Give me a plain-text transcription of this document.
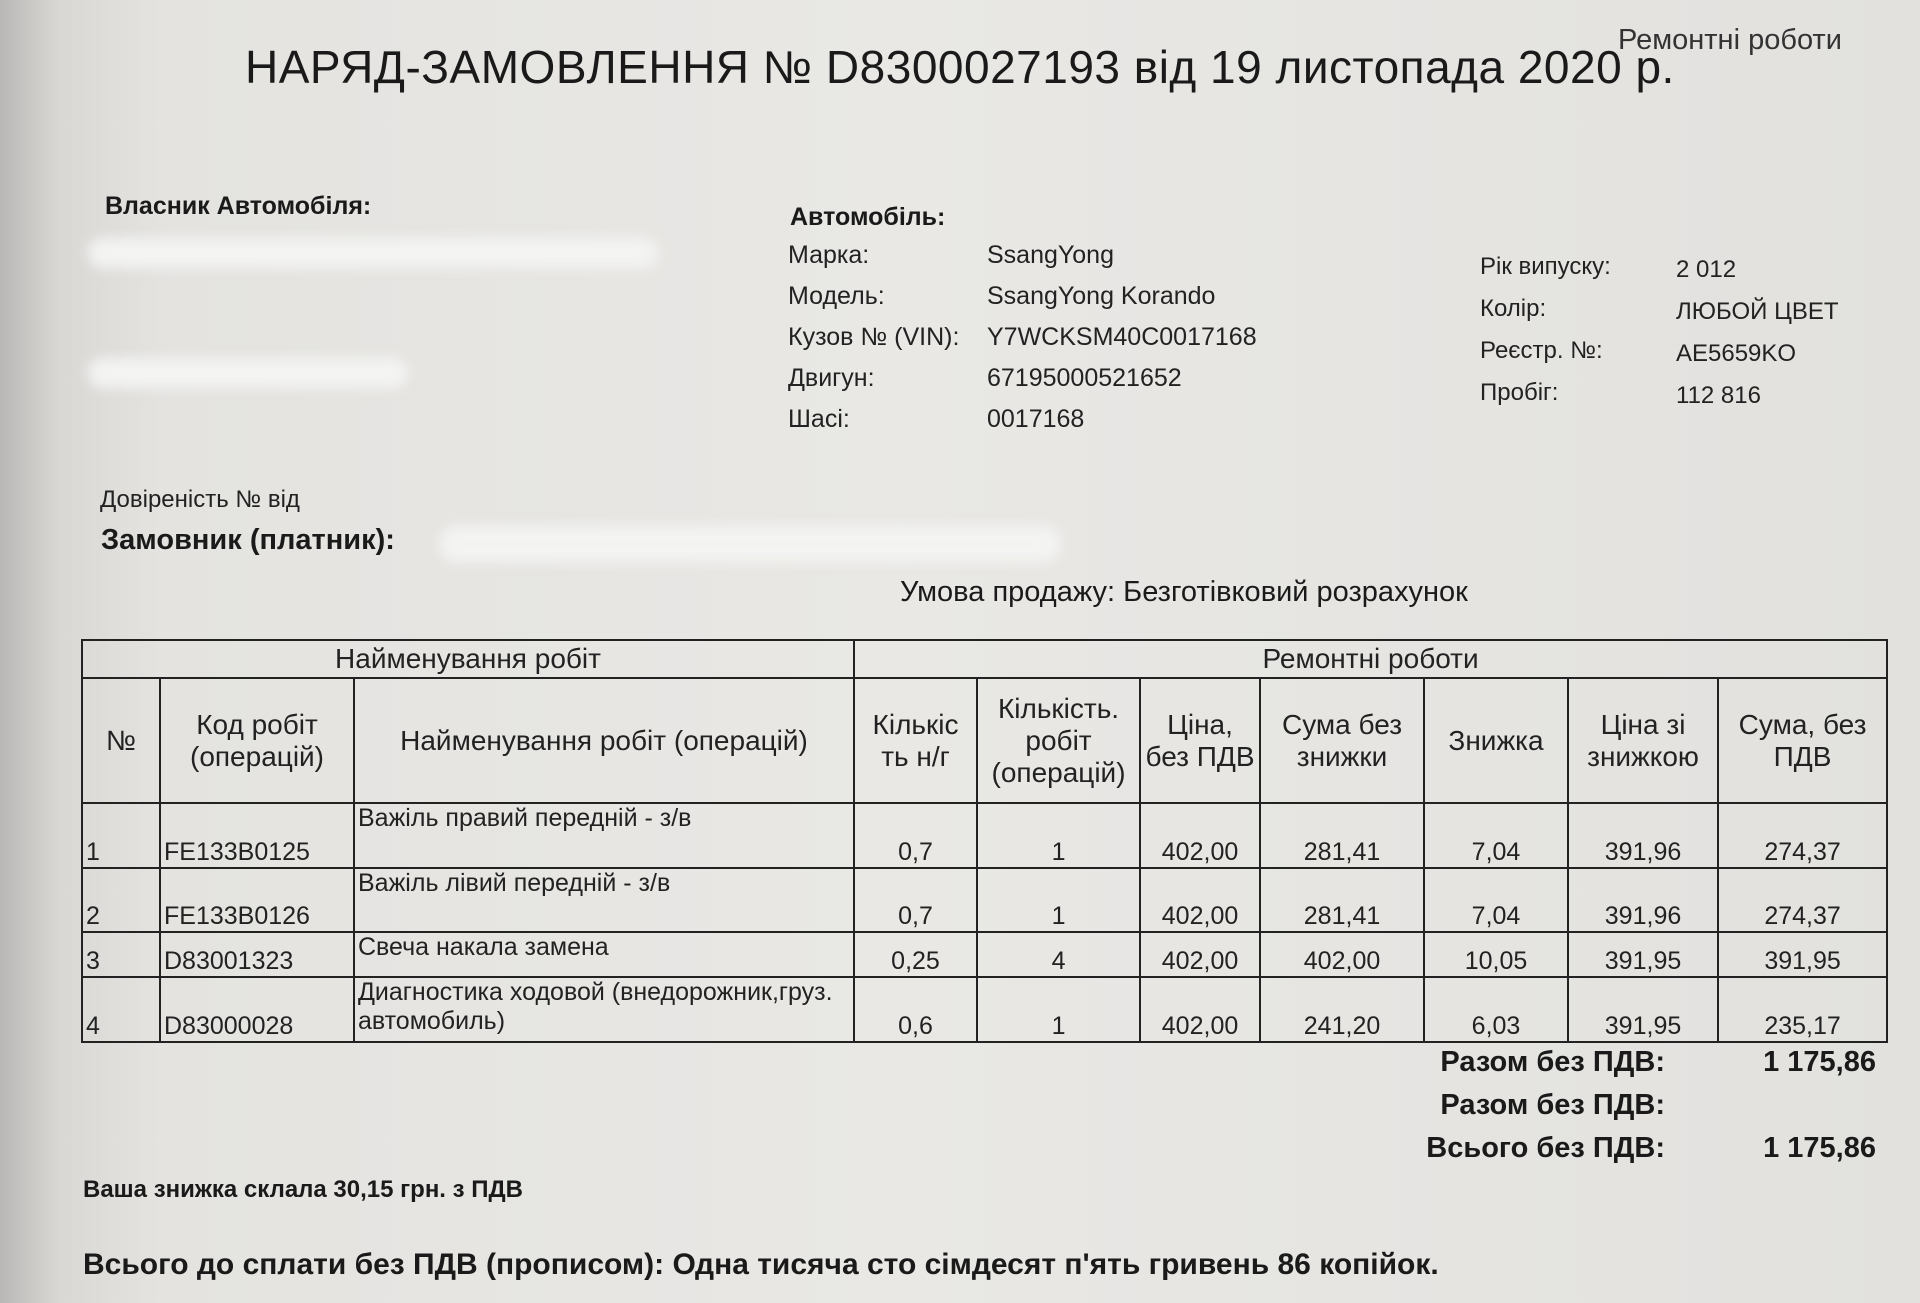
Ремонтні роботи
НАРЯД-ЗАМОВЛЕННЯ № D8300027193 від 19 листопада 2020 р.
Власник Автомобіля:	Автомобіль:
Марка:	SsangYong
Модель:	SsangYong Korando
Кузов № (VIN): Y7WCKSM40C0017168
Двигун:	67195000521652
Шасі:	0017168
Рік випуску:	2 012
Колір:	ЛЮБОЙ ЦВЕТ
Реєстр. №:	AE5659KO
Пробіг:	112 816
Довіреність № від
Замовник (платник):
Умова продажу: Безготівковий розрахунок
Найменування робіт			Ремонтні роботи						
№	Код робіт (операцій)	Найменування робіт (операцій)	Кількіс ть н/г	Кількість. робіт (операцій)	Ціна, без ПДВ	Сума без знижки	Знижка	Ціна зі знижкою	Сума, без ПДВ
1	FE133B0125	Важіль правий передній - з/в	0,7	1	402,00	281,41	7,04	391,96	274,37
2	FE133B0126	Важіль лівий передній - з/в	0,7	1	402,00	281,41	7,04	391,96	274,37
3	D83001323	Свеча накала замена	0,25	4	402,00	402,00	10,05	391,95	391,95
4	D83000028	Диагностика ходовой (внедорожник,груз. автомобиль)	0,6	1	402,00	241,20	6,03	391,95	235,17
Разом без ПДВ:	1 175,86
Разом без ПДВ:
Всього без ПДВ:	1 175,86
Ваша знижка склала 30,15 грн. з ПДВ
Всього до сплати без ПДВ (прописом): Одна тисяча сто сімдесят п'ять гривень 86 копійок.
